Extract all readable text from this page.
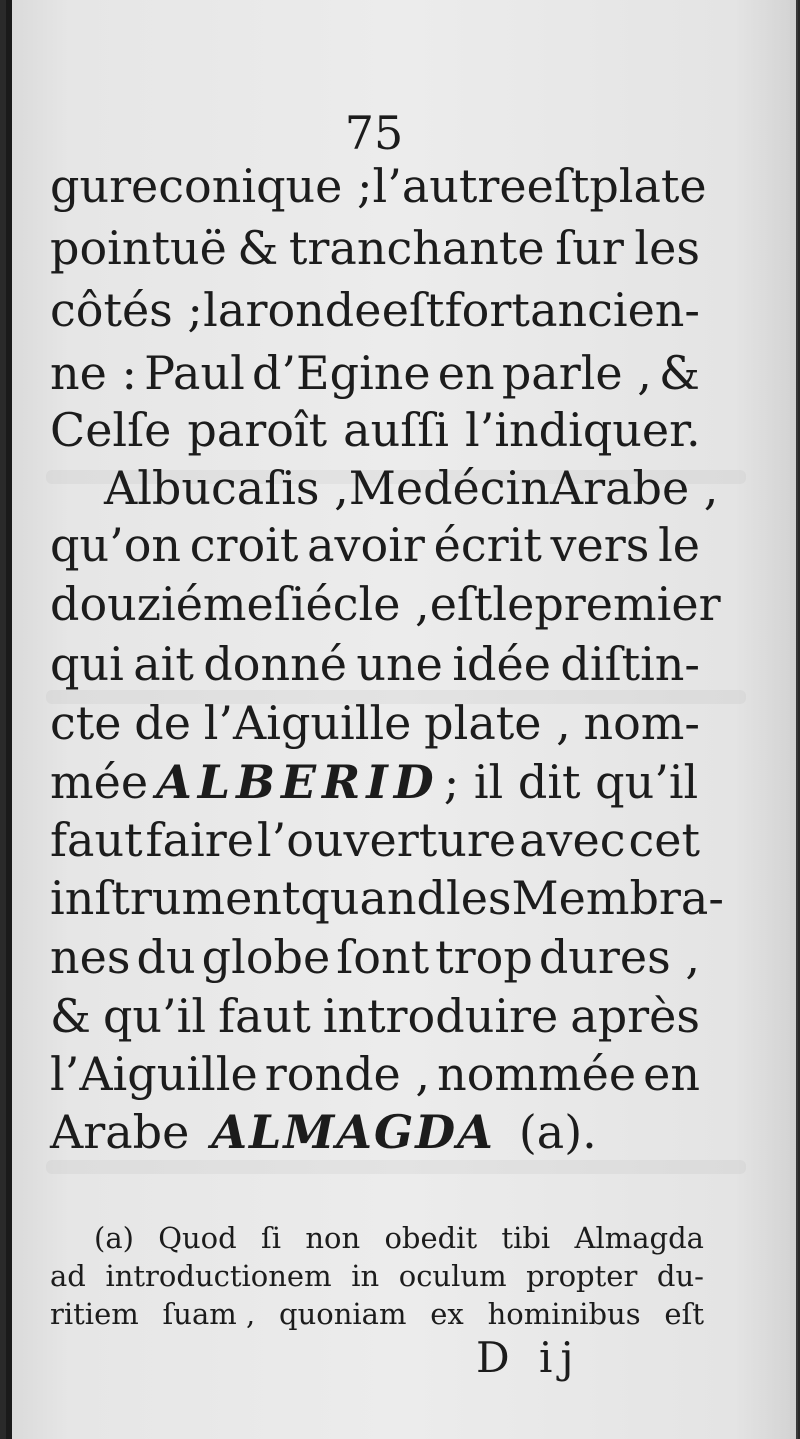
75
gure conique ; l’autre eſt plate
pointuë & tranchante ſur les
côtés ; la ronde eſt fort ancien-
ne : Paul d’Egine en parle , &
Celſe paroît auſſi l’indiquer.
Albucaſis , Medécin Arabe ,
qu’on croit avoir écrit vers le
douziéme ſiécle , eſt le premier
qui ait donné une idée diſtin-
cte de l’Aiguille plate , nom-
mée ALBERID ; il dit qu’il
faut faire l’ouverture avec cet
inſtrument quand les Membra-
nes du globe ſont trop dures ,
& qu’il faut introduire après
l’Aiguille ronde , nommée en
Arabe ALMAGDA (a).
(a) Quod ſi non obedit tibi Almagda
ad introductionem in oculum propter du-
ritiem ſuam , quoniam ex hominibus eſt
D ij
